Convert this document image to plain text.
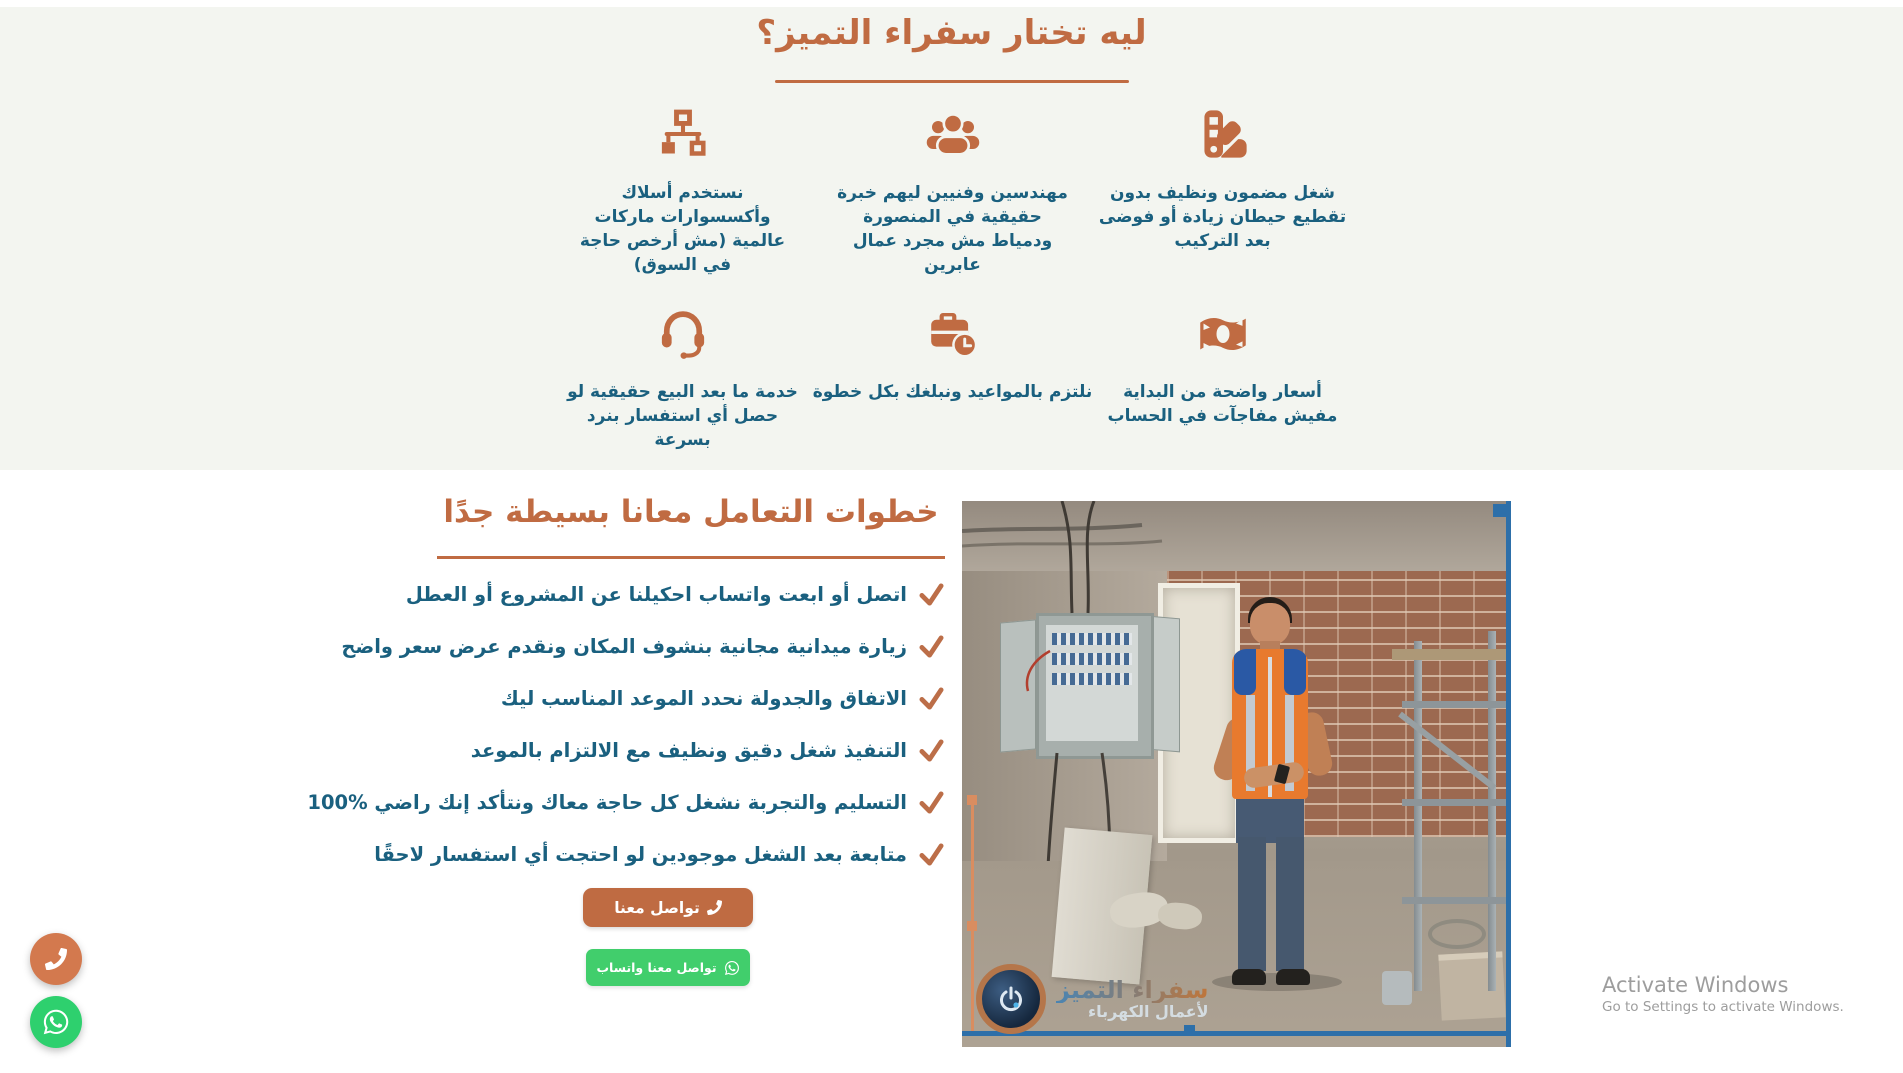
ليه تختار سفراء التميز؟

شغل مضمون ونظيف بدون تقطيع حيطان زيادة أو فوضى بعد التركيب

مهندسين وفنيين ليهم خبرة حقيقية في المنصورة ودمياط مش مجرد عمال عابرين

نستخدم أسلاك وأكسسوارات ماركات عالمية (مش أرخص حاجة في السوق)

أسعار واضحة من البداية مفيش مفاجآت في الحساب

نلتزم بالمواعيد ونبلغك بكل خطوة

خدمة ما بعد البيع حقيقية لو حصل أي استفسار بنرد بسرعة

خطوات التعامل معانا بسيطة جدًا
اتصل أو ابعت واتساب احكيلنا عن المشروع أو العطل
زيارة ميدانية مجانية بنشوف المكان ونقدم عرض سعر واضح
الاتفاق والجدولة نحدد الموعد المناسب ليك
التنفيذ شغل دقيق ونظيف مع الالتزام بالموعد
التسليم والتجربة نشغل كل حاجة معاك ونتأكد إنك راضي %100
متابعة بعد الشغل موجودين لو احتجت أي استفسار لاحقًا
تواصل معنا
تواصل معنا واتساب
سفراء التميز
لأعمال الكهرباء
Activate Windows
Go to Settings to activate Windows.
